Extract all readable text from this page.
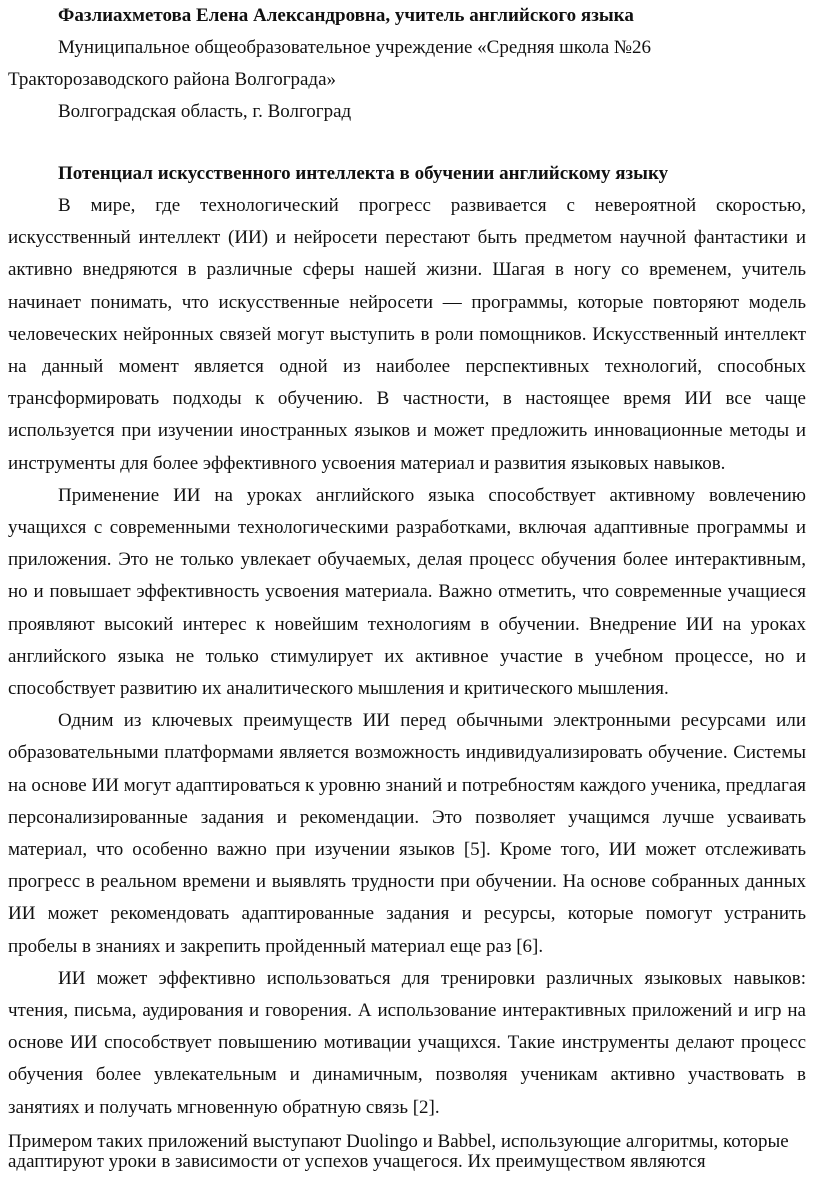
Фазлиахметова Елена Александровна, учитель английского языка

Муниципальное общеобразовательное учреждение «Средняя школа №26 Тракторозаводского района Волгограда»

Волгоградская область, г. Волгоград

Потенциал искусственного интеллекта в обучении английскому языку

В мире, где технологический прогресс развивается с невероятной скоростью, искусственный интеллект (ИИ) и нейросети перестают быть предметом научной фантастики и активно внедряются в различные сферы нашей жизни. Шагая в ногу со временем, учитель начинает понимать, что искусственные нейросети — программы, которые повторяют модель человеческих нейронных связей могут выступить в роли помощников. Искусственный интеллект на данный момент является одной из наиболее перспективных технологий, способных трансформировать подходы к обучению. В частности, в настоящее время ИИ все чаще используется при изучении иностранных языков и может предложить инновационные методы и инструменты для более эффективного усвоения материал и развития языковых навыков.

Применение ИИ на уроках английского языка способствует активному вовлечению учащихся с современными технологическими разработками, включая адаптивные программы и приложения. Это не только увлекает обучаемых, делая процесс обучения более интерактивным, но и повышает эффективность усвоения материала. Важно отметить, что современные учащиеся проявляют высокий интерес к новейшим технологиям в обучении. Внедрение ИИ на уроках английского языка не только стимулирует их активное участие в учебном процессе, но и способствует развитию их аналитического мышления и критического мышления.

Одним из ключевых преимуществ ИИ перед обычными электронными ресурсами или образовательными платформами является возможность индивидуализировать обучение. Системы на основе ИИ могут адаптироваться к уровню знаний и потребностям каждого ученика, предлагая персонализированные задания и рекомендации. Это позволяет учащимся лучше усваивать материал, что особенно важно при изучении языков [5]. Кроме того, ИИ может отслеживать прогресс в реальном времени и выявлять трудности при обучении. На основе собранных данных ИИ может рекомендовать адаптированные задания и ресурсы, которые помогут устранить пробелы в знаниях и закрепить пройденный материал еще раз [6].

ИИ может эффективно использоваться для тренировки различных языковых навыков: чтения, письма, аудирования и говорения. А использование интерактивных приложений и игр на основе ИИ способствует повышению мотивации учащихся. Такие инструменты делают процесс обучения более увлекательным и динамичным, позволяя ученикам активно участвовать в занятиях и получать мгновенную обратную связь [2].

Примером таких приложений выступают Duolingo и Babbel, использующие алгоритмы, которые адаптируют уроки в зависимости от успехов учащегося. Их преимуществом являются
